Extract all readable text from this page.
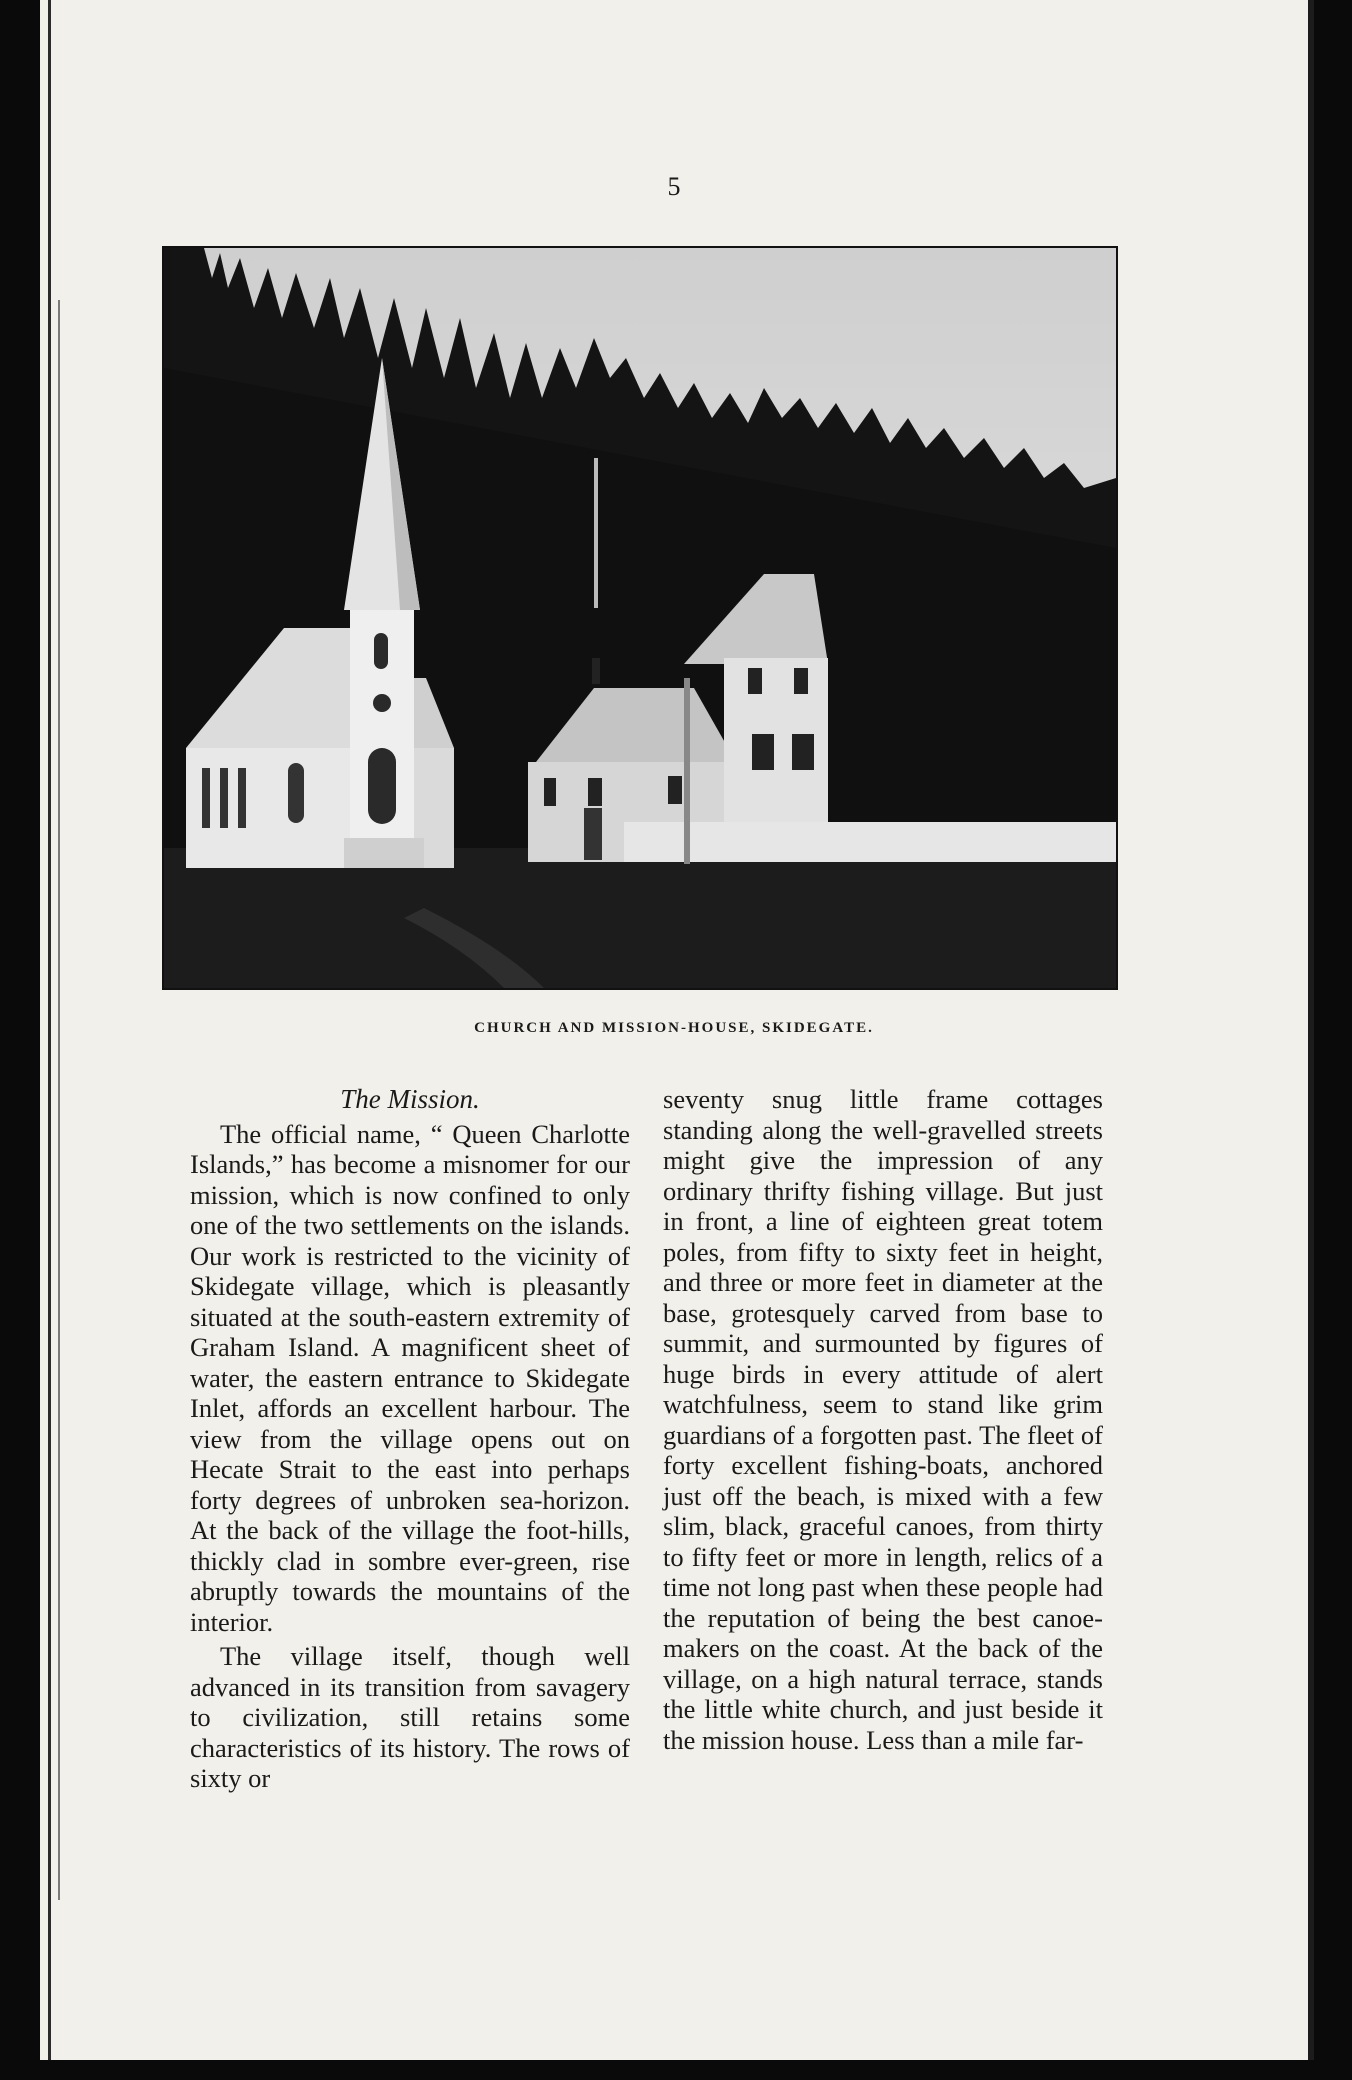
5
CHURCH AND MISSION-HOUSE, SKIDEGATE.

The Mission.

The official name, “ Queen Charlotte Islands,” has become a misnomer for our mission, which is now confined to only one of the two settlements on the islands. Our work is restricted to the vicinity of Skidegate village, which is pleasantly situated at the south-eastern extremity of Graham Island. A magnificent sheet of water, the eastern entrance to Skidegate Inlet, affords an excellent harbour. The view from the village opens out on Hecate Strait to the east into perhaps forty degrees of unbroken sea-horizon. At the back of the village the foot-hills, thickly clad in sombre ever-green, rise abruptly towards the mountains of the interior.

The village itself, though well advanced in its transition from savagery to civilization, still retains some characteristics of its history. The rows of sixty or

seventy snug little frame cottages standing along the well-gravelled streets might give the impression of any ordinary thrifty fishing village. But just in front, a line of eighteen great totem poles, from fifty to sixty feet in height, and three or more feet in diameter at the base, grotesquely carved from base to summit, and surmounted by figures of huge birds in every attitude of alert watchfulness, seem to stand like grim guardians of a forgotten past. The fleet of forty excellent fishing-boats, anchored just off the beach, is mixed with a few slim, black, graceful canoes, from thirty to fifty feet or more in length, relics of a time not long past when these people had the reputation of being the best canoe-makers on the coast. At the back of the village, on a high natural terrace, stands the little white church, and just beside it the mission house. Less than a mile far-
